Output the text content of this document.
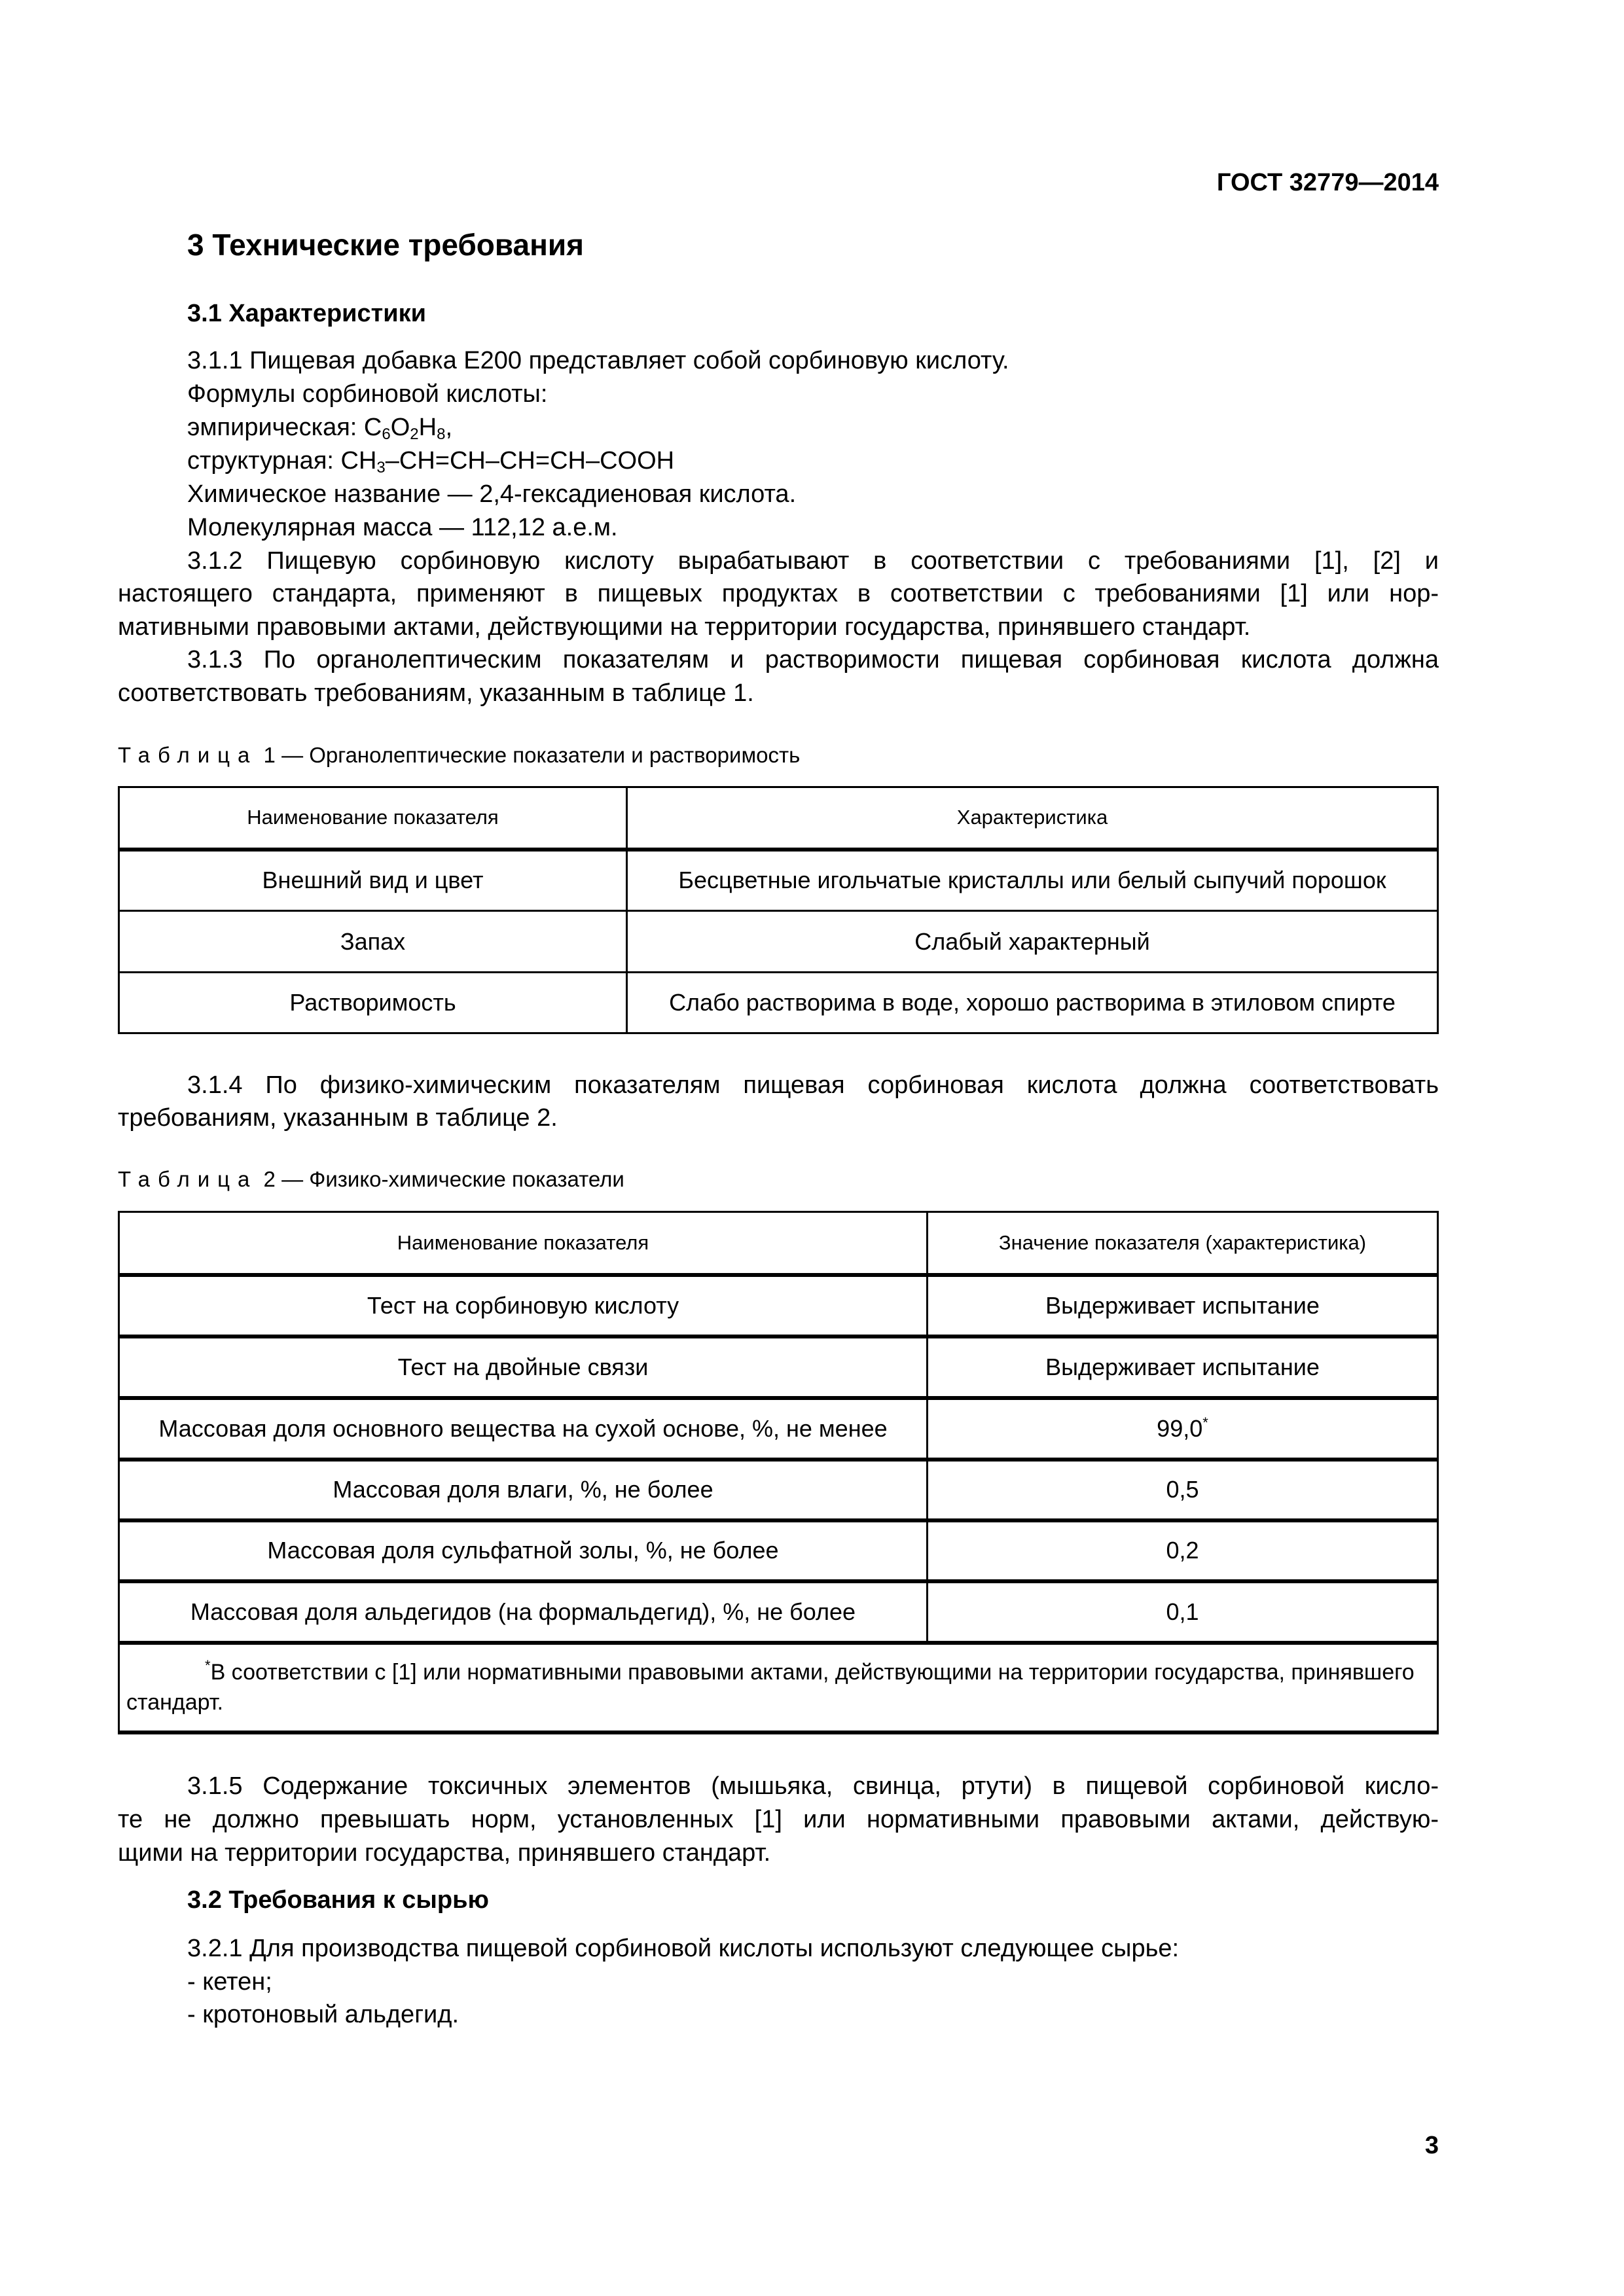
ГОСТ 32779—2014
3 Технические требования
3.1 Характеристики
3.1.1 Пищевая добавка Е200 представляет собой сорбиновую кислоту.
Формулы сорбиновой кислоты:
эмпирическая: $C_6O_2H_8$,
структурная: $CH_3-CH=CH-CH=CH$–COOH
Химическое название — 2,4-гексадиеновая кислота.
Молекулярная масса — 112,12 а.е.м.
3.1.2 Пищевую сорбиновую кислоту вырабатывают в соответствии с требованиями [1], [2] и
настоящего стандарта, применяют в пищевых продуктах в соответствии с требованиями [1] или нор-
мативными правовыми актами, действующими на территории государства, принявшего стандарт.
3.1.3 По органолептическим показателям и растворимости пищевая сорбиновая кислота должна
соответствовать требованиям, указанным в таблице 1.
Таблица 1 — Органолептические показатели и растворимость
Наименование показателя	Характеристика
Внешний вид и цвет	Бесцветные игольчатые кристаллы или белый сыпучий порошок
Запах	Слабый характерный
Растворимость	Слабо растворима в воде, хорошо растворима в этиловом спирте
3.1.4 По физико-химическим показателям пищевая сорбиновая кислота должна соответствовать
требованиям, указанным в таблице 2.
Таблица 2 — Физико-химические показатели
Наименование показателя	Значение показателя (характеристика)
Тест на сорбиновую кислоту	Выдерживает испытание
Тест на двойные связи	Выдерживает испытание
Массовая доля основного вещества на сухой основе, %, не менее	99,0*
Массовая доля влаги, %, не более	0,5
Массовая доля сульфатной золы, %, не более	0,2
Массовая доля альдегидов (на формальдегид), %, не более	0,1
*В соответствии с [1] или нормативными правовыми актами, действующими на территории государства, принявшего стандарт.	
3.1.5 Содержание токсичных элементов (мышьяка, свинца, ртути) в пищевой сорбиновой кисло-
те не должно превышать норм, установленных [1] или нормативными правовыми актами, действую-
щими на территории государства, принявшего стандарт.
3.2 Требования к сырью
3.2.1 Для производства пищевой сорбиновой кислоты используют следующее сырье:
- кетен;
- кротоновый альдегид.
3
